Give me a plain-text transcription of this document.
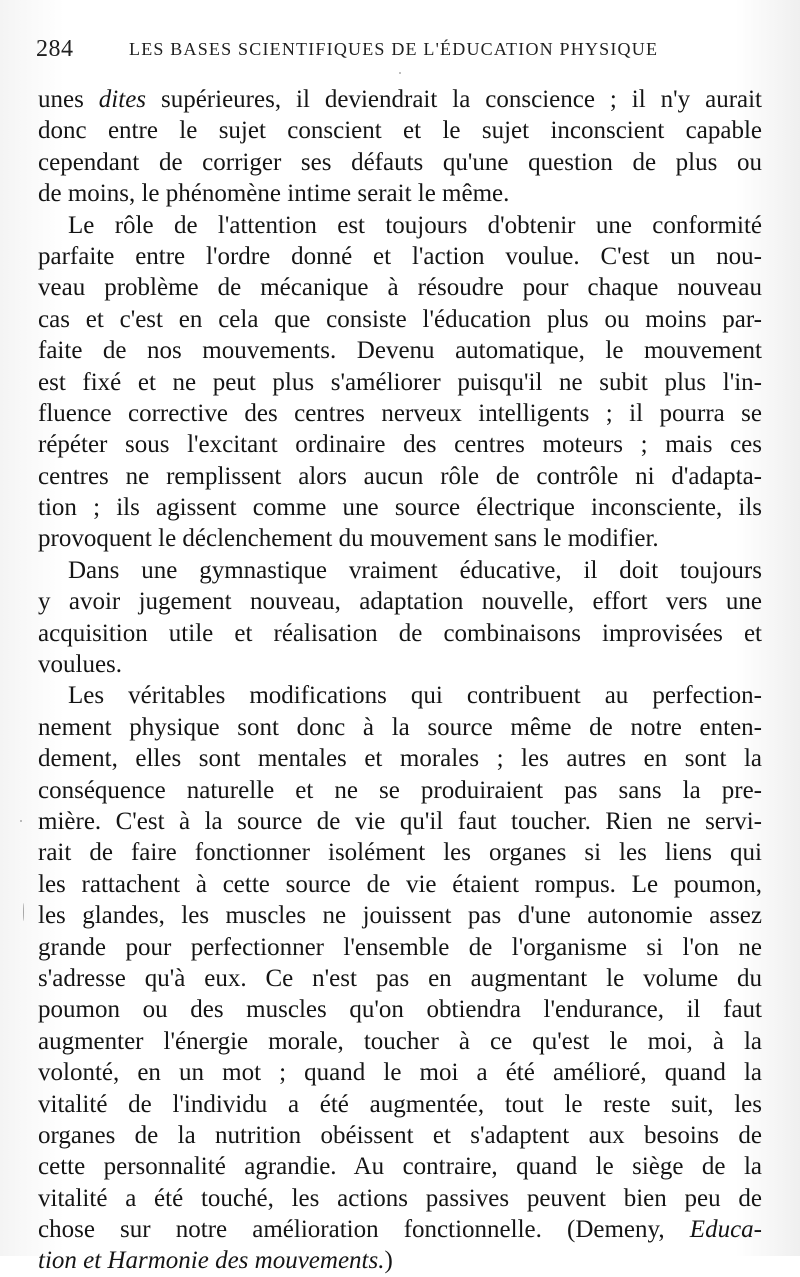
284	LES BASES SCIENTIFIQUES DE L'ÉDUCATION PHYSIQUE
unes dites supérieures, il deviendrait la conscience ; il n'y aurait
donc entre le sujet conscient et le sujet inconscient capable
cependant de corriger ses défauts qu'une question de plus ou
de moins, le phénomène intime serait le même.
Le rôle de l'attention est toujours d'obtenir une conformité
parfaite entre l'ordre donné et l'action voulue. C'est un nou-
veau problème de mécanique à résoudre pour chaque nouveau
cas et c'est en cela que consiste l'éducation plus ou moins par-
faite de nos mouvements. Devenu automatique, le mouvement
est fixé et ne peut plus s'améliorer puisqu'il ne subit plus l'in-
fluence corrective des centres nerveux intelligents ; il pourra se
répéter sous l'excitant ordinaire des centres moteurs ; mais ces
centres ne remplissent alors aucun rôle de contrôle ni d'adapta-
tion ; ils agissent comme une source électrique inconsciente, ils
provoquent le déclenchement du mouvement sans le modifier.
Dans une gymnastique vraiment éducative, il doit toujours
y avoir jugement nouveau, adaptation nouvelle, effort vers une
acquisition utile et réalisation de combinaisons improvisées et
voulues.
Les véritables modifications qui contribuent au perfection-
nement physique sont donc à la source même de notre enten-
dement, elles sont mentales et morales ; les autres en sont la
conséquence naturelle et ne se produiraient pas sans la pre-
mière. C'est à la source de vie qu'il faut toucher. Rien ne servi-
rait de faire fonctionner isolément les organes si les liens qui
les rattachent à cette source de vie étaient rompus. Le poumon,
les glandes, les muscles ne jouissent pas d'une autonomie assez
grande pour perfectionner l'ensemble de l'organisme si l'on ne
s'adresse qu'à eux. Ce n'est pas en augmentant le volume du
poumon ou des muscles qu'on obtiendra l'endurance, il faut
augmenter l'énergie morale, toucher à ce qu'est le moi, à la
volonté, en un mot ; quand le moi a été amélioré, quand la
vitalité de l'individu a été augmentée, tout le reste suit, les
organes de la nutrition obéissent et s'adaptent aux besoins de
cette personnalité agrandie. Au contraire, quand le siège de la
vitalité a été touché, les actions passives peuvent bien peu de
chose sur notre amélioration fonctionnelle. (Demeny, Educa-
tion et Harmonie des mouvements.)
